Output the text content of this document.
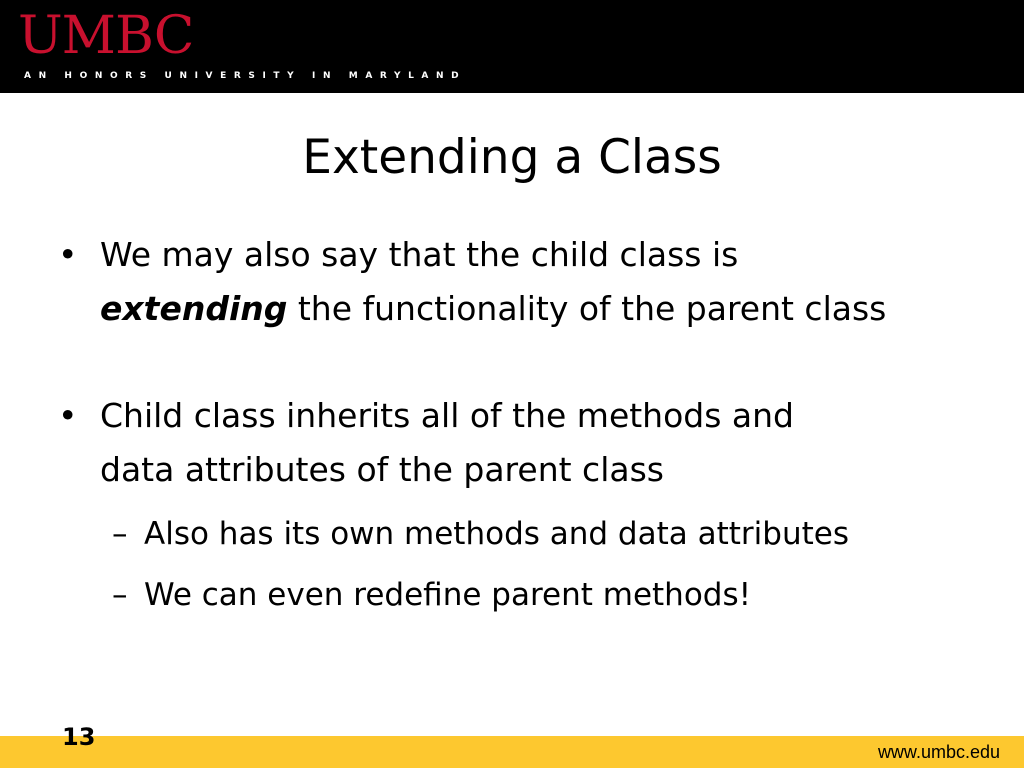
UMBC
AN HONORS UNIVERSITY IN MARYLAND
Extending a Class
• We may also say that the child class is
extending the functionality of the parent class
• Child class inherits all of the methods and
data attributes of the parent class
– Also has its own methods and data attributes
– We can even redefine parent methods!
13
www.umbc.edu
